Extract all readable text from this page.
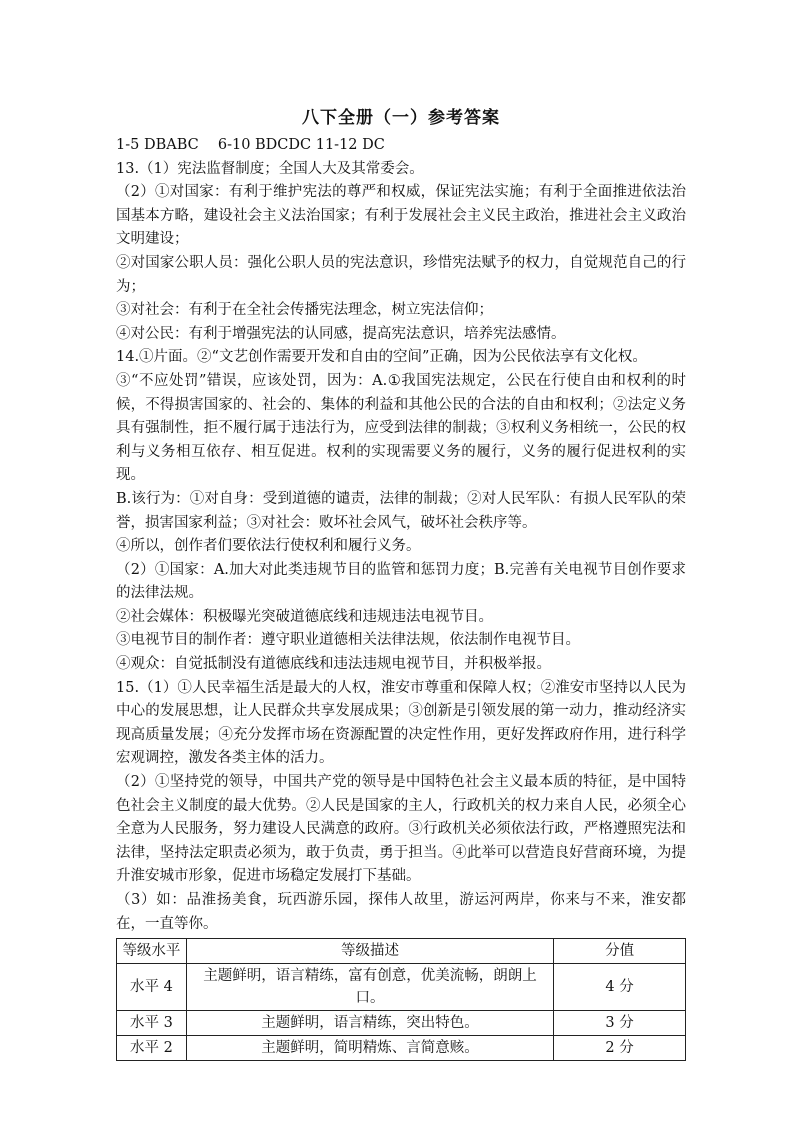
八下全册（一）参考答案

1-5 DBABC　 6-10 BDCDC 11-12 DC

13.（1）宪法监督制度；全国人大及其常委会。

（2）①对国家：有利于维护宪法的尊严和权威，保证宪法实施；有利于全面推进依法治国基本方略，建设社会主义法治国家；有利于发展社会主义民主政治，推进社会主义政治文明建设；

②对国家公职人员：强化公职人员的宪法意识，珍惜宪法赋予的权力，自觉规范自己的行为；

③对社会：有利于在全社会传播宪法理念，树立宪法信仰；

④对公民：有利于增强宪法的认同感，提高宪法意识，培养宪法感情。

14.①片面。②“文艺创作需要开发和自由的空间”正确，因为公民依法享有文化权。

③“不应处罚”错误，应该处罚，因为：A.①我国宪法规定，公民在行使自由和权利的时候，不得损害国家的、社会的、集体的利益和其他公民的合法的自由和权利；②法定义务具有强制性，拒不履行属于违法行为，应受到法律的制裁；③权利义务相统一，公民的权利与义务相互依存、相互促进。权利的实现需要义务的履行，义务的履行促进权利的实现。

B.该行为：①对自身：受到道德的谴责，法律的制裁；②对人民军队：有损人民军队的荣誉，损害国家利益；③对社会：败坏社会风气，破坏社会秩序等。

④所以，创作者们要依法行使权利和履行义务。

（2）①国家：A.加大对此类违规节目的监管和惩罚力度；B.完善有关电视节目创作要求的法律法规。

②社会媒体：积极曝光突破道德底线和违规违法电视节目。

③电视节目的制作者：遵守职业道德相关法律法规，依法制作电视节目。

④观众：自觉抵制没有道德底线和违法违规电视节目，并积极举报。

15.（1）①人民幸福生活是最大的人权，淮安市尊重和保障人权；②淮安市坚持以人民为中心的发展思想，让人民群众共享发展成果；③创新是引领发展的第一动力，推动经济实现高质量发展；④充分发挥市场在资源配置的决定性作用，更好发挥政府作用，进行科学宏观调控，激发各类主体的活力。

（2）①坚持党的领导，中国共产党的领导是中国特色社会主义最本质的特征，是中国特色社会主义制度的最大优势。②人民是国家的主人，行政机关的权力来自人民，必须全心全意为人民服务，努力建设人民满意的政府。③行政机关必须依法行政，严格遵照宪法和法律，坚持法定职责必须为，敢于负责，勇于担当。④此举可以营造良好营商环境，为提升淮安城市形象，促进市场稳定发展打下基础。

（3）如：品淮扬美食，玩西游乐园，探伟人故里，游运河两岸，你来与不来，淮安都在，一直等你。

等级水平	等级描述	分值
水平 4	主题鲜明，语言精练，富有创意，优美流畅，朗朗上口。	4 分
水平 3	主题鲜明，语言精练，突出特色。	3 分
水平 2	主题鲜明，简明精炼、言简意赅。	2 分
